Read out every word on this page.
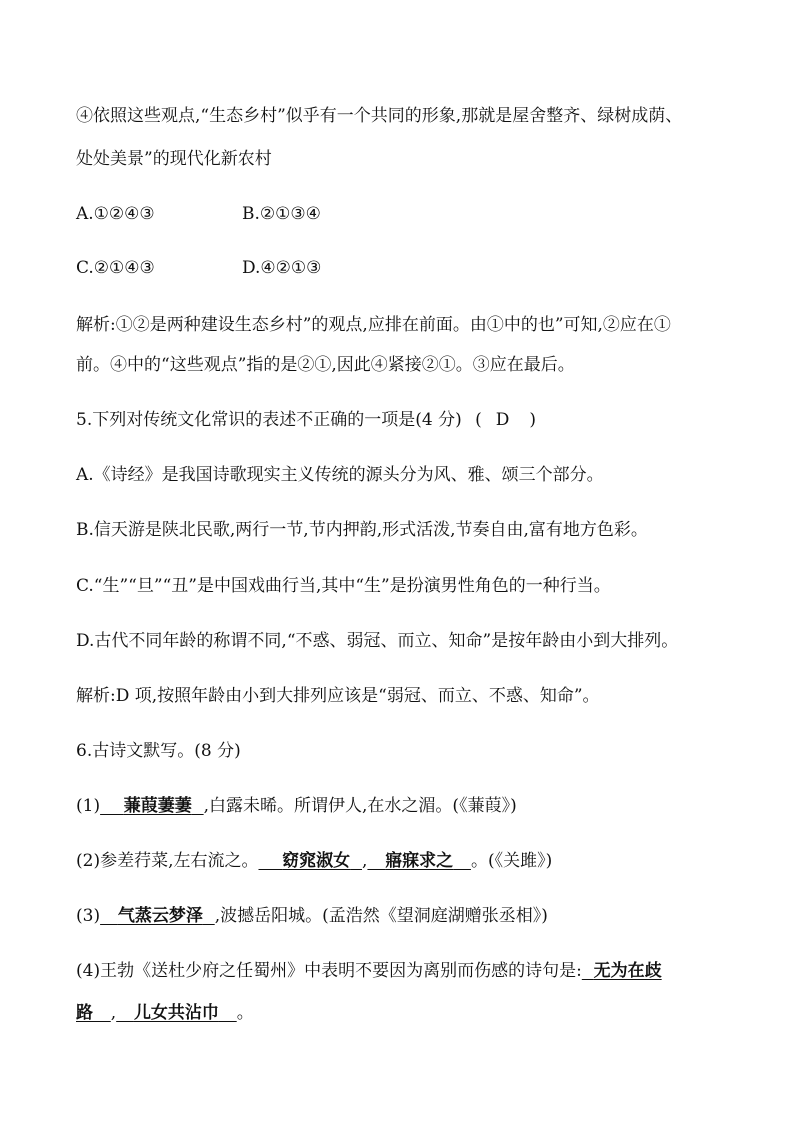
④依照这些观点,“生态乡村”似乎有一个共同的形象,那就是屋舍整齐、绿树成荫、
处处美景”的现代化新农村
A.①②④③	B.②①③④
C.②①④③	D.④②①③
解析:①②是两种建设生态乡村”的观点,应排在前面。由①中的也”可知,②应在①
前。④中的“这些观点”指的是②①,因此④紧接②①。③应在最后。
5.下列对传统文化常识的表述不正确的一项是(4 分) ( D )
A.《诗经》是我国诗歌现实主义传统的源头分为风、雅、颂三个部分。
B.信天游是陕北民歌,两行一节,节内押韵,形式活泼,节奏自由,富有地方色彩。
C.“生”“旦”“丑”是中国戏曲行当,其中“生”是扮演男性角色的一种行当。
D.古代不同年龄的称谓不同,“不惑、弱冠、而立、知命”是按年龄由小到大排列。
解析:D 项,按照年龄由小到大排列应该是“弱冠、而立、不惑、知命”。
6.古诗文默写。(8 分)
(1) 蒹葭萋萋 ,白露未晞。所谓伊人,在水之湄。(《蒹葭》)
(2)参差荇菜,左右流之。 窈窕淑女 , 寤寐求之 。(《关雎》)
(3) 气蒸云梦泽 ,波撼岳阳城。(孟浩然《望洞庭湖赠张丞相》)
(4)王勃《送杜少府之任蜀州》中表明不要因为离别而伤感的诗句是: 无为在歧
路 , 儿女共沾巾 。
